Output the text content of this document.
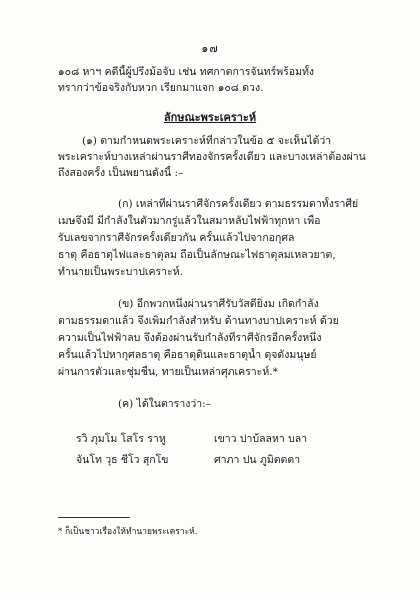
๑๗
๑๐๘ หาฯ คดีนี้ผู้ปรึงม้อจับ เช่น ทศกาตการจันทร์พร้อมทั้ง
ทรากว่าข้อจริงกับหวก เรียกมาแจก ๑๐๘ ดวง.
ลักษณะพระเคราะห์
(๑) ตามกำหนดพระเคราะห์ที่กล่าวในข้อ ๕ จะเห็นได้ว่า
พระเคราะห์บางเหล่าผ่านราศีทองจักรครั้งเดียว และบางเหล่าต้องผ่าน
ถึงสองครั้ง เป็นพยานดังนี้ :–
(ก) เหล่าที่ผ่านราศีจักรครั้งเดียว ตามธรรมดาทั้งราศีย่
เมษจึงมี มีกำลังในตัวมากรู่แล้วในสมาหลับไฟฟ้าทุกหา เพื่อ
รับเลขจากราศีจักรครั้งเดียวกัน ครั้นแล้วไปจากอกุศล
ธาตุ คือธาตุไฟและธาตุลม ถือเป็นลักษณะไฟธาตุลมเหลวยาต,
ทำนายเป็นพระบาปเคราะห์.
(ข) อีกพวกหนึ่งผ่านราศีรับวัสดียิ่งม เกิดกำลัง
ตามธรรมดาแล้ว จึงเพิ่มกำลังสำหรับ ด้านทางบาปเคราะห์ ด้วย
ความเป็นไฟฟ้าลบ จึงต้องผ่านรับกำลังที่ราศีจักรอีกครั้งหนึ่ง
ครั้นแล้วไปหากุศลธาตุ คือธาตุดินและธาตุน้ำ ดุจดังมนุษย์
ผ่านการตัวและชุ่มชื่น, ทายเป็นเหล่าศุภเคราะห์.*
(ค) ได้ในตารางว่า:–
รวิ ภุมโม โสโร ราหู	เขาว ปาบ้ลลหา บลา
จันโท วุธ ชีโว สุกโข	ศาภา ปน ภูมิตตตา
* ก็เป็นชาวเรื่องให้ทำนายพระเคราะห์.
